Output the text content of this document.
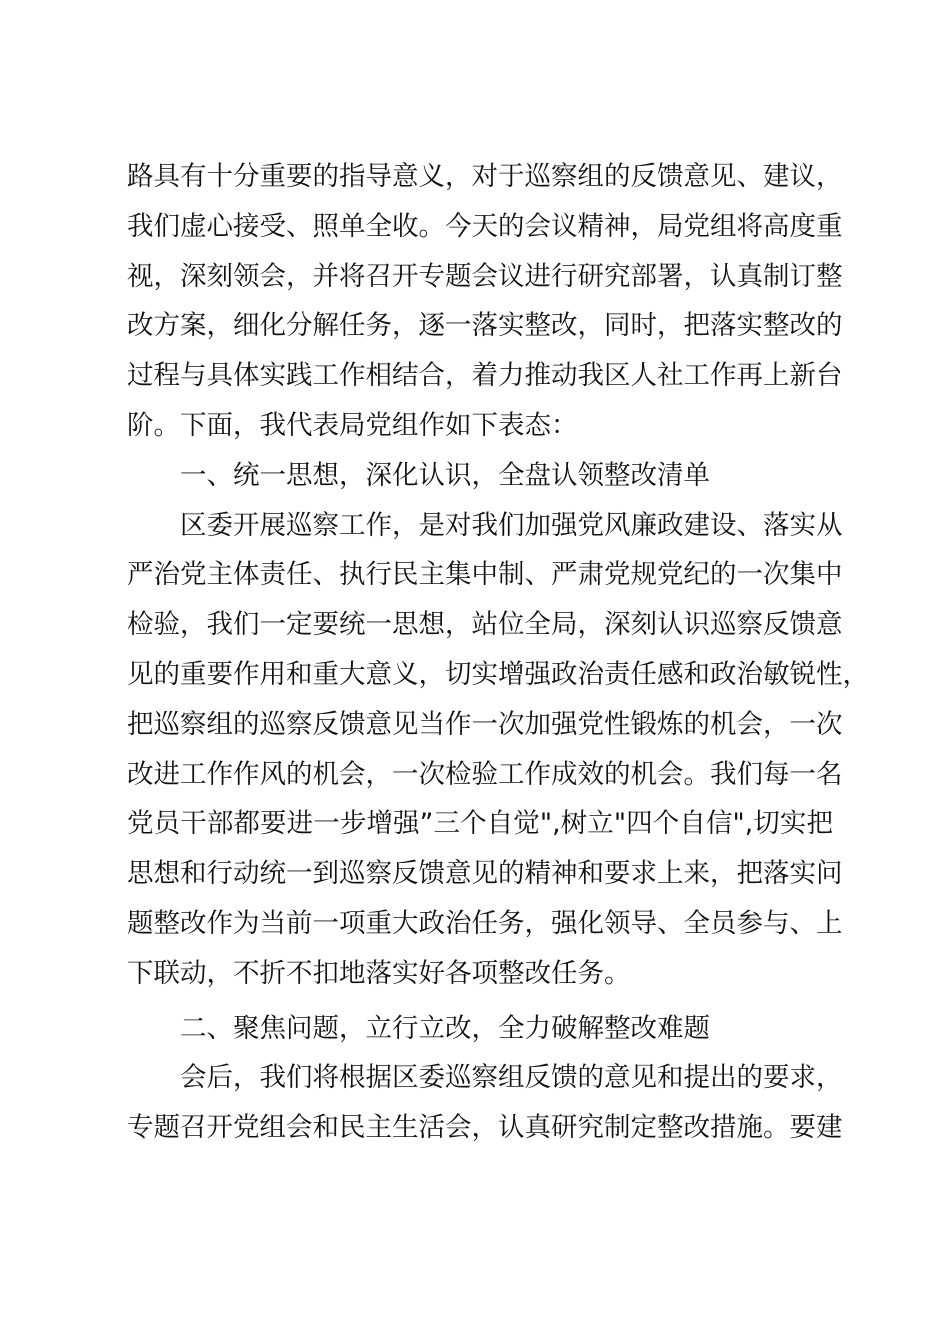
路具有十分重要的指导意义，对于巡察组的反馈意见、建议，
我们虚心接受、照单全收。今天的会议精神，局党组将高度重
视，深刻领会，并将召开专题会议进行研究部署，认真制订整
改方案，细化分解任务，逐一落实整改，同时，把落实整改的
过程与具体实践工作相结合，着力推动我区人社工作再上新台
阶。下面，我代表局党组作如下表态：
一、统一思想，深化认识，全盘认领整改清单
区委开展巡察工作，是对我们加强党风廉政建设、落实从
严治党主体责任、执行民主集中制、严肃党规党纪的一次集中
检验，我们一定要统一思想，站位全局，深刻认识巡察反馈意
见的重要作用和重大意义，切实增强政治责任感和政治敏锐性，
把巡察组的巡察反馈意见当作一次加强党性锻炼的机会，一次
改进工作作风的机会，一次检验工作成效的机会。我们每一名
党员干部都要进一步增强”三个自觉",树立"四个自信",切实把
思想和行动统一到巡察反馈意见的精神和要求上来，把落实问
题整改作为当前一项重大政治任务，强化领导、全员参与、上
下联动，不折不扣地落实好各项整改任务。
二、聚焦问题，立行立改，全力破解整改难题
会后，我们将根据区委巡察组反馈的意见和提出的要求，
专题召开党组会和民主生活会，认真研究制定整改措施。要建
